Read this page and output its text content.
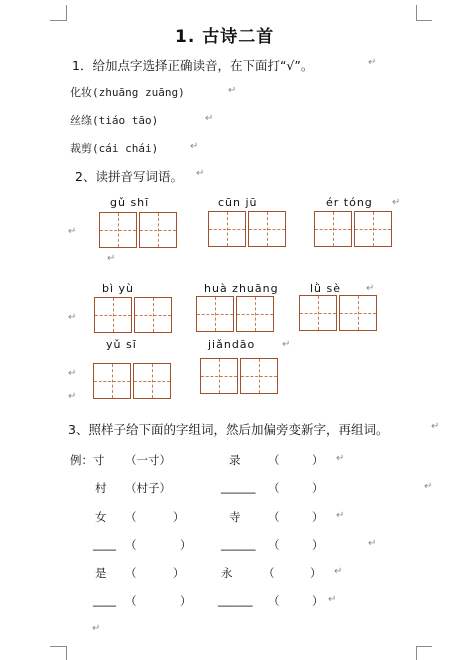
1. 古诗二首
1．给加点字选择正确读音，在下面打“√”。	↵
化妆(zhuāng zuāng)	↵
丝绦(tiáo tāo)	↵
裁剪(cái chái)	↵
2、读拼音写词语。 ↵
gǔ shī	cūn jū	ér tóng ↵
↵
↵
bì yù	huà zhuāng	lǜ sè ↵
↵
yǔ sī	jiǎndāo	↵
↵
↵
3、照样子给下面的字组词，然后加偏旁变新字，再组词。	↵
例：寸 （一寸）	录 （	） ↵
村 （村子）	______ （	）	↵
女 （	）	寺 （	） ↵
____ （	）	______ （	）	↵
是 （	）	永	（	） ↵
____ （	） ______ （	） ↵
↵
